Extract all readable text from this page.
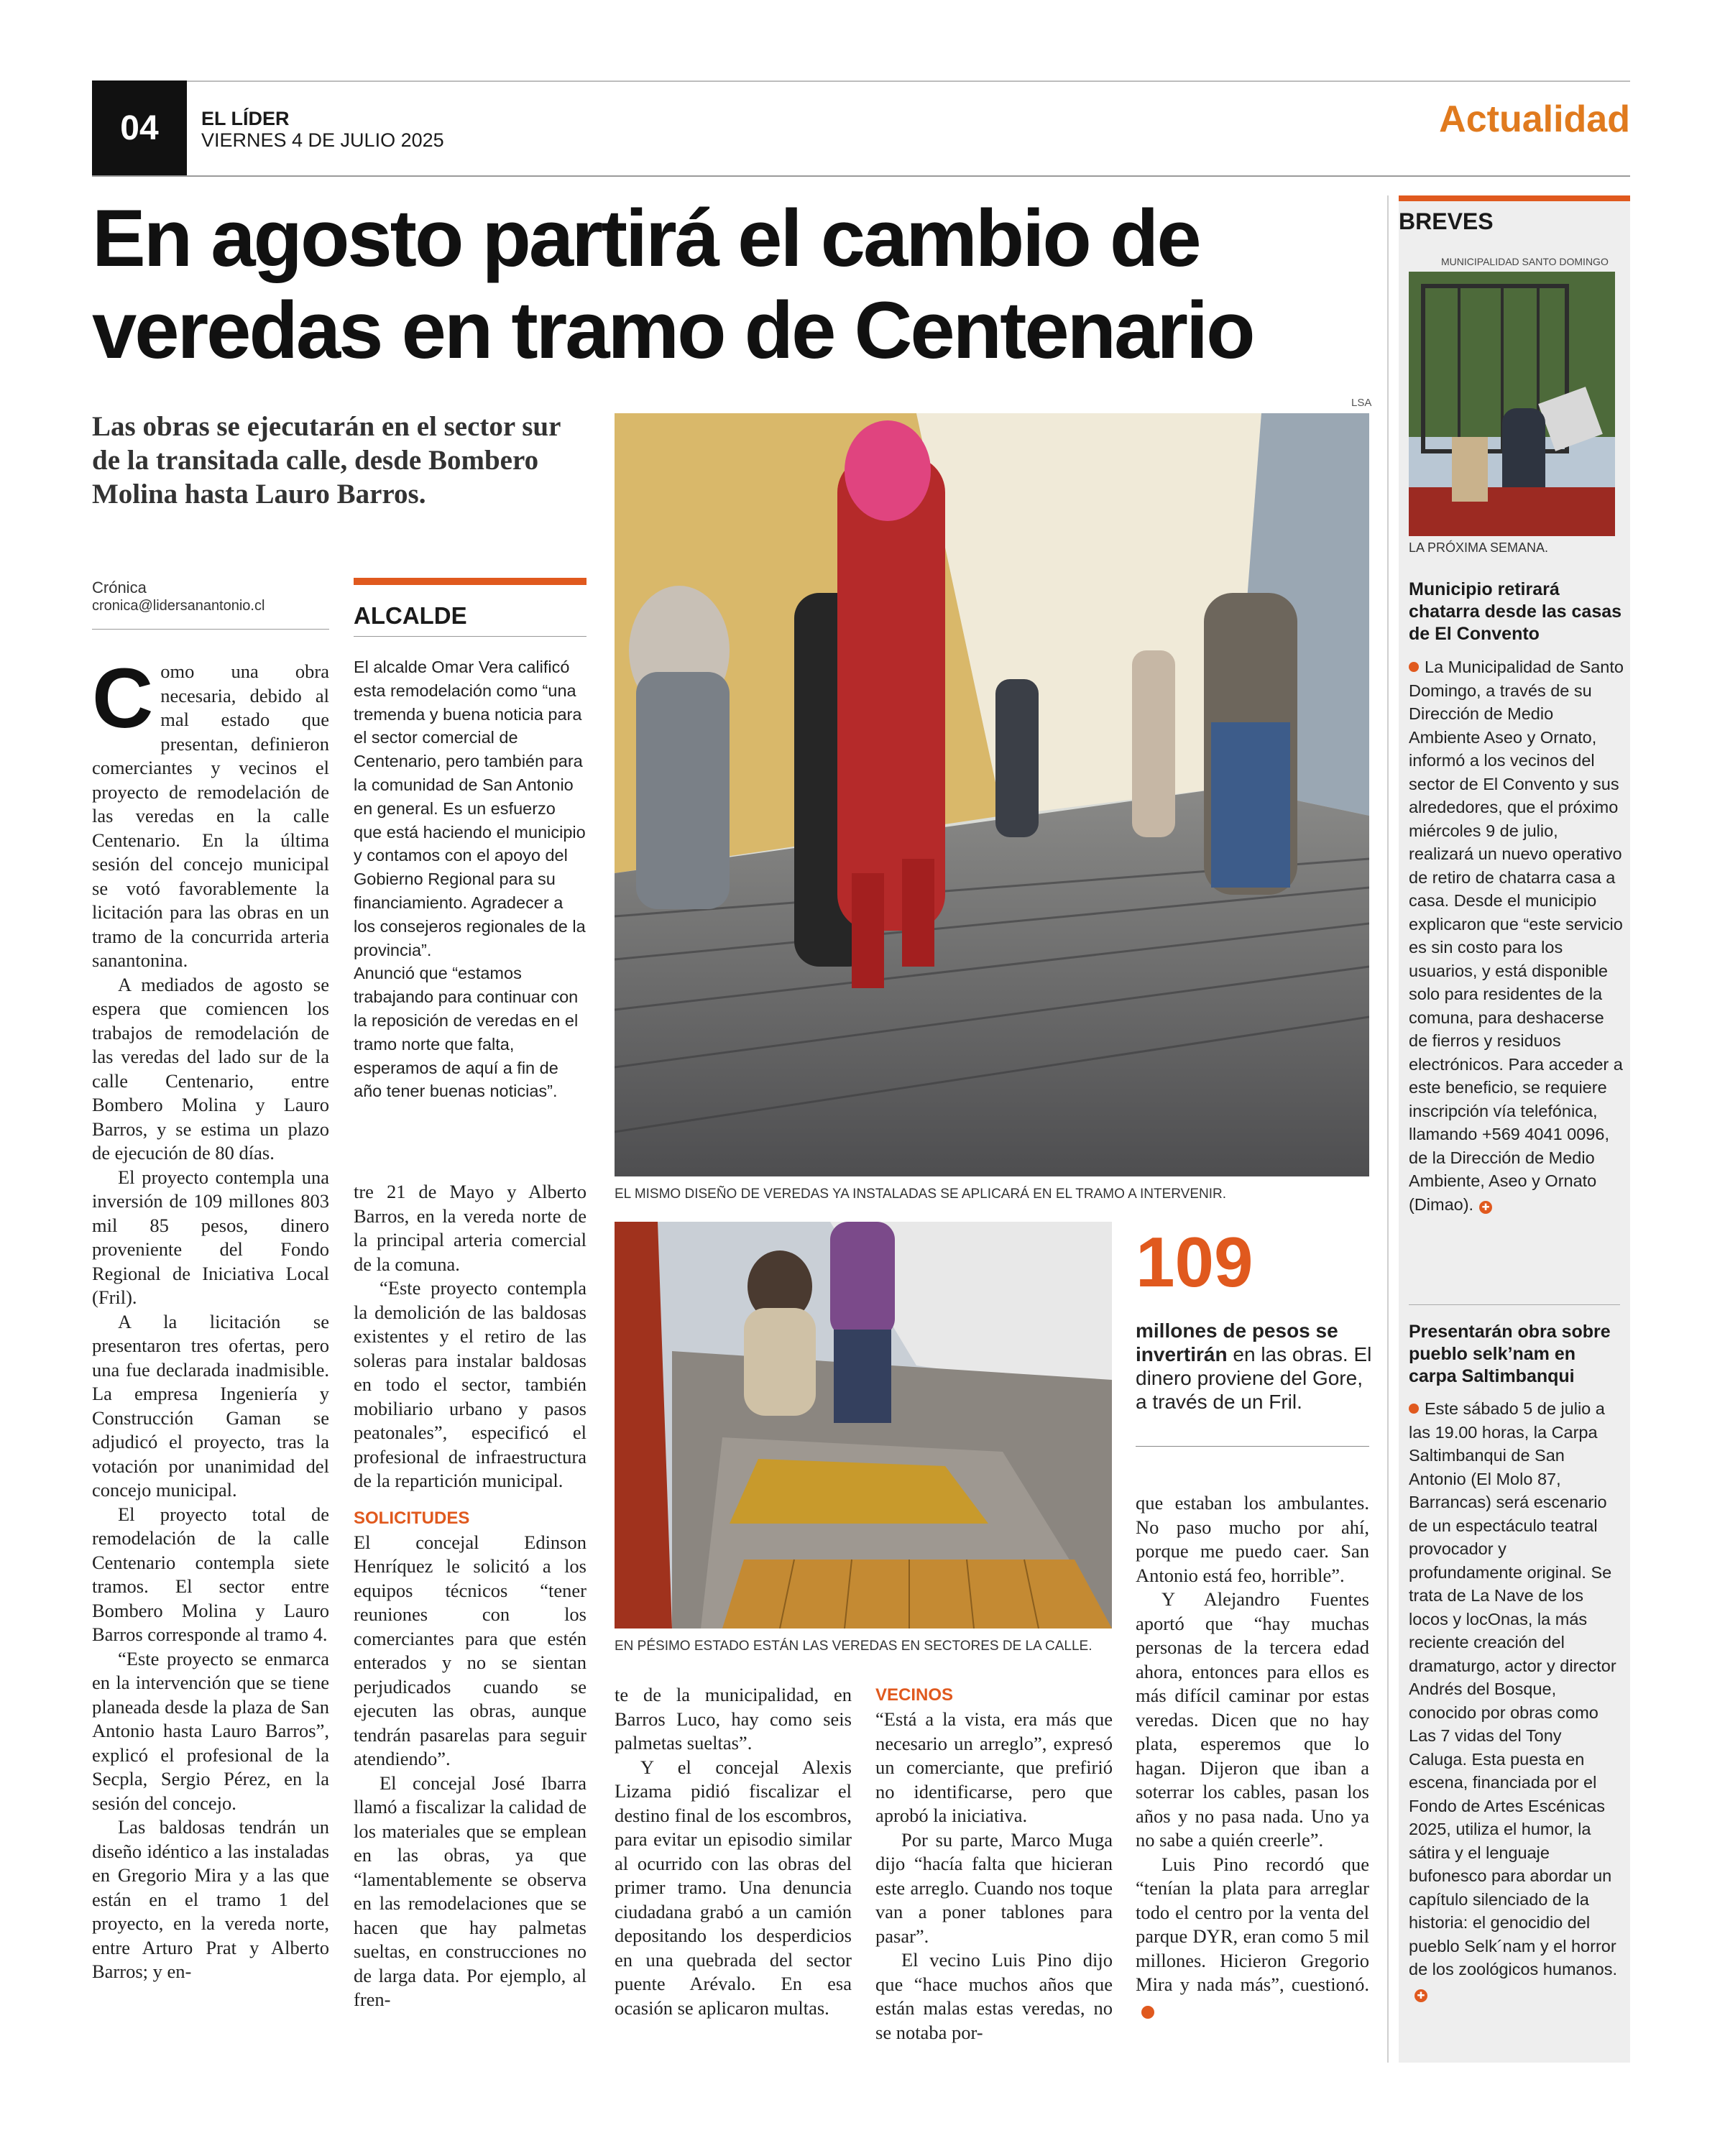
04	EL LÍDER
VIERNES 4 DE JULIO 2025	Actualidad
En agosto partirá el cambio de
veredas en tramo de Centenario
Las obras se ejecutarán en el sector sur de la transitada calle, desde Bombero Molina hasta Lauro Barros.
Crónica
cronica@lidersanantonio.cl

Como una obra necesaria, debido al mal estado que presentan, definieron comerciantes y vecinos el proyecto de remodelación de las veredas en la calle Centenario. En la última sesión del concejo municipal se votó favorablemente la licitación para las obras en un tramo de la concurrida arteria sanantonina.

A mediados de agosto se espera que comiencen los trabajos de remodelación de las veredas del lado sur de la calle Centenario, entre Bombero Molina y Lauro Barros, y se estima un plazo de ejecución de 80 días.

El proyecto contempla una inversión de 109 millones 803 mil 85 pesos, dinero proveniente del Fondo Regional de Iniciativa Local (Fril).

A la licitación se presentaron tres ofertas, pero una fue declarada inadmisible. La empresa Ingeniería y Construcción Gaman se adjudicó el proyecto, tras la votación por unanimidad del concejo municipal.

El proyecto total de remodelación de la calle Centenario contempla siete tramos. El sector entre Bombero Molina y Lauro Barros corresponde al tramo 4.

“Este proyecto se enmarca en la intervención que se tiene planeada desde la plaza de San Antonio hasta Lauro Barros”, explicó el profesional de la Secpla, Sergio Pérez, en la sesión del concejo.

Las baldosas tendrán un diseño idéntico a las instaladas en Gregorio Mira y a las que están en el tramo 1 del proyecto, en la vereda norte, entre Arturo Prat y Alberto Barros; y en-

ALCALDE

El alcalde Omar Vera calificó esta remodelación como “una tremenda y buena noticia para el sector comercial de Centenario, pero también para la comunidad de San Antonio en general. Es un esfuerzo que está haciendo el municipio y contamos con el apoyo del Gobierno Regional para su financiamiento. Agradecer a los consejeros regionales de la provincia”.

Anunció que “estamos trabajando para continuar con la reposición de veredas en el tramo norte que falta, esperamos de aquí a fin de año tener buenas noticias”.

tre 21 de Mayo y Alberto Barros, en la vereda norte de la principal arteria comercial de la comuna.

“Este proyecto contempla la demolición de las baldosas existentes y el retiro de las soleras para instalar baldosas en todo el sector, también mobiliario urbano y pasos peatonales”, especificó el profesional de infraestructura de la repartición municipal.

SOLICITUDES

El concejal Edinson Henríquez le solicitó a los equipos técnicos “tener reuniones con los comerciantes para que estén enterados y no se sientan perjudicados cuando se ejecuten las obras, aunque tendrán pasarelas para seguir atendiendo”.

El concejal José Ibarra llamó a fiscalizar la calidad de los materiales que se emplean en las obras, ya que “lamentablemente se observa en las remodelaciones que se hacen que hay palmetas sueltas, en construcciones no de larga data. Por ejemplo, al fren-

LSA
EL MISMO DISEÑO DE VEREDAS YA INSTALADAS SE APLICARÁ EN EL TRAMO A INTERVENIR.
EN PÉSIMO ESTADO ESTÁN LAS VEREDAS EN SECTORES DE LA CALLE.
109
millones de pesos se invertirán en las obras. El dinero proviene del Gore, a través de un Fril.

te de la municipalidad, en Barros Luco, hay como seis palmetas sueltas”.

Y el concejal Alexis Lizama pidió fiscalizar el destino final de los escombros, para evitar un episodio similar al ocurrido con las obras del primer tramo. Una denuncia ciudadana grabó a un camión depositando los desperdicios en una quebrada del sector puente Arévalo. En esa ocasión se aplicaron multas.

VECINOS

“Está a la vista, era más que necesario un arreglo”, expresó un comerciante, que prefirió no identificarse, pero que aprobó la iniciativa.

Por su parte, Marco Muga dijo “hacía falta que hicieran este arreglo. Cuando nos toque van a poner tablones para pasar”.

El vecino Luis Pino dijo que “hace muchos años que están malas estas veredas, no se notaba por-

que estaban los ambulantes. No paso mucho por ahí, porque me puedo caer. San Antonio está feo, horrible”.

Y Alejandro Fuentes aportó que “hay muchas personas de la tercera edad ahora, entonces para ellos es más difícil caminar por estas veredas. Dicen que no hay plata, esperemos que lo hagan. Dijeron que iban a soterrar los cables, pasan los años y no pasa nada. Uno ya no sabe a quién creerle”.

Luis Pino recordó que “tenían la plata para arreglar todo el centro por la venta del parque DYR, eran como 5 mil millones. Hicieron Gregorio Mira y nada más”, cuestionó.✚

BREVES
MUNICIPALIDAD SANTO DOMINGO
LA PRÓXIMA SEMANA.
Municipio retirará chatarra desde las casas de El Convento
La Municipalidad de Santo Domingo, a través de su Dirección de Medio Ambiente Aseo y Ornato, informó a los vecinos del sector de El Convento y sus alrededores, que el próximo miércoles 9 de julio, realizará un nuevo operativo de retiro de chatarra casa a casa. Desde el municipio explicaron que “este servicio es sin costo para los usuarios, y está disponible solo para residentes de la comuna, para deshacerse de fierros y residuos electrónicos. Para acceder a este beneficio, se requiere inscripción vía telefónica, llamando +569 4041 0096, de la Dirección de Medio Ambiente, Aseo y Ornato (Dimao). ✚
Presentarán obra sobre pueblo selk’nam en carpa Saltimbanqui
Este sábado 5 de julio a las 19.00 horas, la Carpa Saltimbanqui de San Antonio (El Molo 87, Barrancas) será escenario de un espectáculo teatral provocador y profundamente original. Se trata de La Nave de los locos y locOnas, la más reciente creación del dramaturgo, actor y director Andrés del Bosque, conocido por obras como Las 7 vidas del Tony Caluga. Esta puesta en escena, financiada por el Fondo de Artes Escénicas 2025, utiliza el humor, la sátira y el lenguaje bufonesco para abordar un capítulo silenciado de la historia: el genocidio del pueblo Selk´nam y el horror de los zoológicos humanos.✚
